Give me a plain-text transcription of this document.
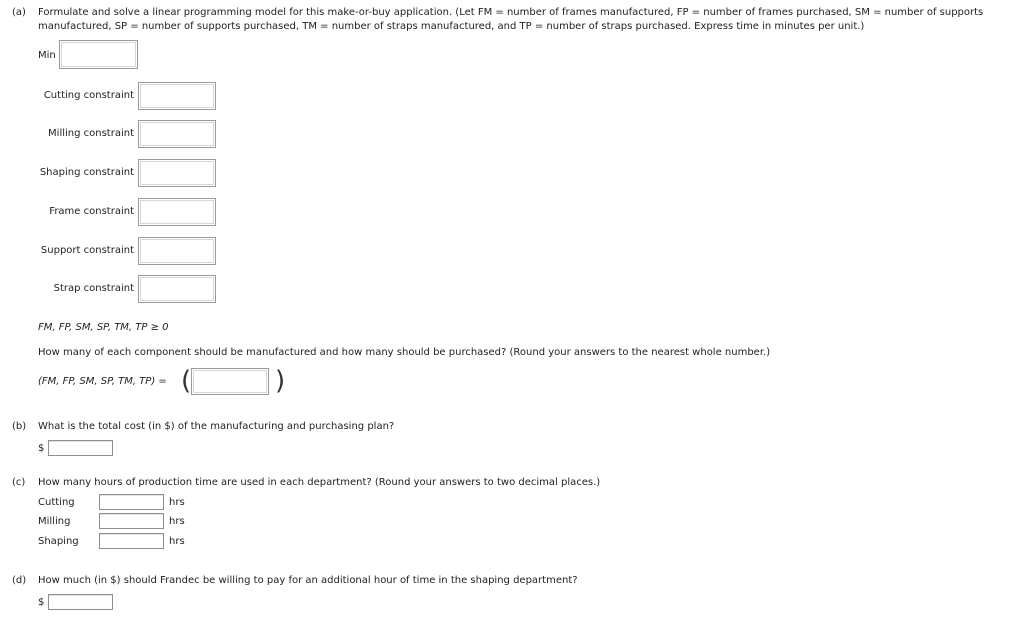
(a) Formulate and solve a linear programming model for this make-or-buy application. (Let FM = number of frames manufactured, FP = number of frames purchased, SM = number of supports
manufactured, SP = number of supports purchased, TM = number of straps manufactured, and TP = number of straps purchased. Express time in minutes per unit.)
Min
Cutting constraint
Milling constraint
Shaping constraint
Frame constraint
Support constraint
Strap constraint
FM, FP, SM, SP, TM, TP ≥ 0
How many of each component should be manufactured and how many should be purchased? (Round your answers to the nearest whole number.)
(FM, FP, SM, SP, TM, TP) = (	)
(b) What is the total cost (in $) of the manufacturing and purchasing plan?
$
(c) How many hours of production time are used in each department? (Round your answers to two decimal places.)
Cutting	hrs
Milling	hrs
Shaping	hrs
(d) How much (in $) should Frandec be willing to pay for an additional hour of time in the shaping department?
$
